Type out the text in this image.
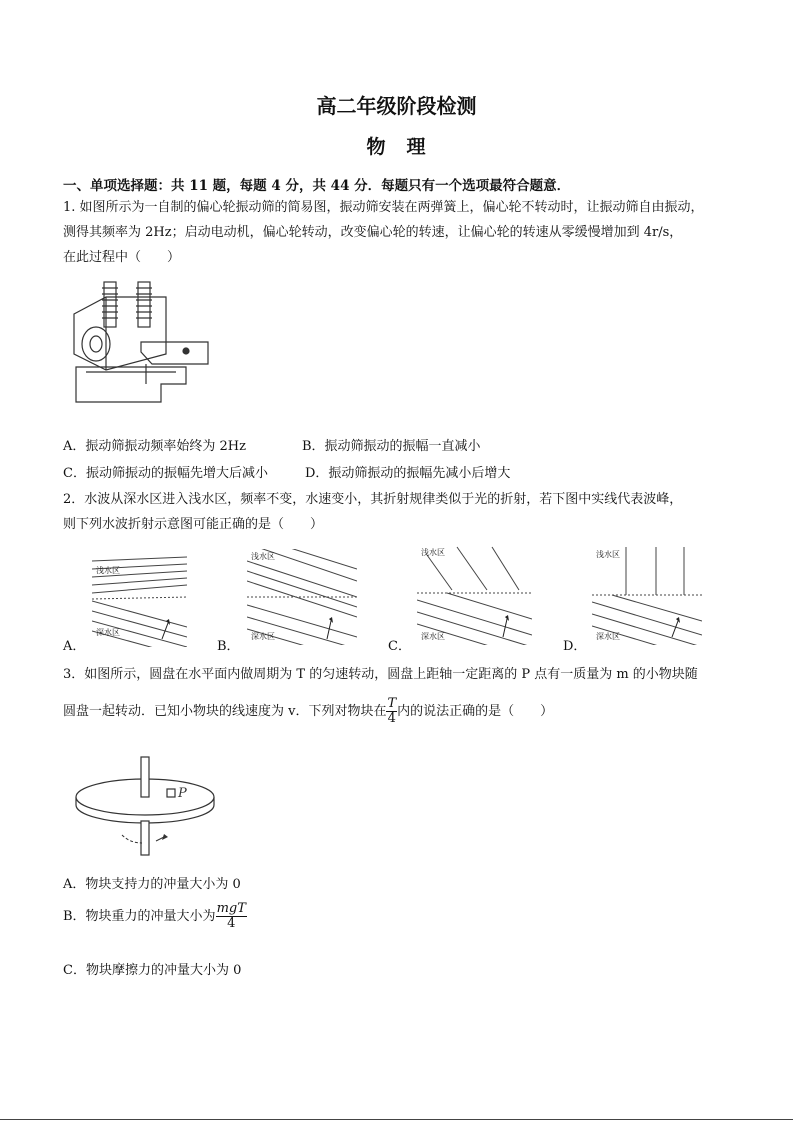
高二年级阶段检测
物　理
一、单项选择题：共 11 题，每题 4 分，共 44 分．每题只有一个选项最符合题意．
1. 如图所示为一自制的偏心轮振动筛的简易图，振动筛安装在两弹簧上，偏心轮不转动时，让振动筛自由振动，
测得其频率为 2Hz；启动电动机，偏心轮转动，改变偏心轮的转速，让偏心轮的转速从零缓慢增加到 4r/s，
在此过程中（　　）
A．振动筛振动频率始终为 2Hz	B．振动筛振动的振幅一直减小
C．振动筛振动的振幅先增大后减小	D．振动筛振动的振幅先减小后增大
2．水波从深水区进入浅水区，频率不变，水速变小，其折射规律类似于光的折射，若下图中实线代表波峰，
则下列水波折射示意图可能正确的是（　　）
A．
浅水区
深水区
B．
浅水区
深水区
C．
浅水区
深水区
D．
浅水区
深水区
3．如图所示，圆盘在水平面内做周期为 T 的匀速转动，圆盘上距轴一定距离的 P 点有一质量为 m 的小物块随
圆盘一起转动．已知小物块的线速度为 v．下列对物块在 $\frac{T}{4}$ 内的说法正确的是（　　）
P
A．物块支持力的冲量大小为 0
B．物块重力的冲量大小为 $\frac{\text{mgT}}{4}$
C．物块摩擦力的冲量大小为 0
